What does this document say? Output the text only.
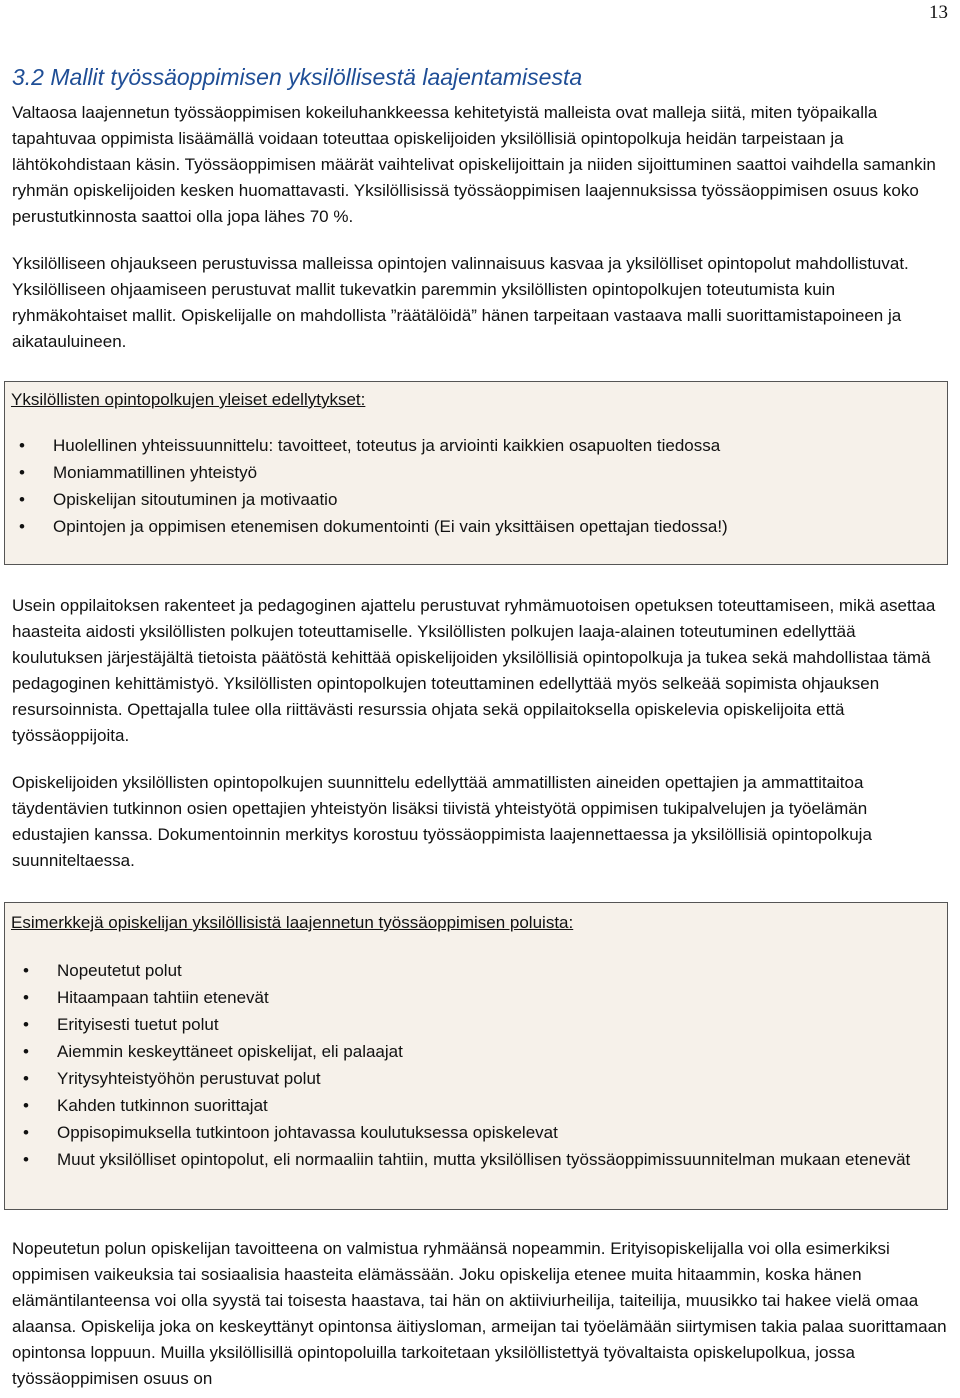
13
3.2 Mallit työssäoppimisen yksilöllisestä laajentamisesta

Valtaosa laajennetun työssäoppimisen kokeiluhankkeessa kehitetyistä malleista ovat malleja siitä, miten työpaikalla tapahtuvaa oppimista lisäämällä voidaan toteuttaa opiskelijoiden yksilöllisiä opintopolkuja heidän tarpeistaan ja lähtökohdistaan käsin. Työssäoppimisen määrät vaihtelivat opiskelijoittain ja niiden sijoittuminen saattoi vaihdella samankin ryhmän opiskelijoiden kesken huomattavasti. Yksilöllisissä työssäoppimisen laajennuksissa työssäoppimisen osuus koko perustutkinnosta saattoi olla jopa lähes 70 %.

Yksilölliseen ohjaukseen perustuvissa malleissa opintojen valinnaisuus kasvaa ja yksilölliset opintopolut mahdollistuvat. Yksilölliseen ohjaamiseen perustuvat mallit tukevatkin paremmin yksilöllisten opintopolkujen toteutumista kuin ryhmäkohtaiset mallit. Opiskelijalle on mahdollista ”räätälöidä” hänen tarpeitaan vastaava malli suorittamistapoineen ja aikatauluineen.

Yksilöllisten opintopolkujen yleiset edellytykset:
• Huolellinen yhteissuunnittelu: tavoitteet, toteutus ja arviointi kaikkien osapuolten tiedossa
• Moniammatillinen yhteistyö
• Opiskelijan sitoutuminen ja motivaatio
• Opintojen ja oppimisen etenemisen dokumentointi (Ei vain yksittäisen opettajan tiedossa!)

Usein oppilaitoksen rakenteet ja pedagoginen ajattelu perustuvat ryhmämuotoisen opetuksen toteuttamiseen, mikä asettaa haasteita aidosti yksilöllisten polkujen toteuttamiselle. Yksilöllisten polkujen laaja-alainen toteutuminen edellyttää koulutuksen järjestäjältä tietoista päätöstä kehittää opiskelijoiden yksilöllisiä opintopolkuja ja tukea sekä mahdollistaa tämä pedagoginen kehittämistyö. Yksilöllisten opintopolkujen toteuttaminen edellyttää myös selkeää sopimista ohjauksen resursoinnista. Opettajalla tulee olla riittävästi resurssia ohjata sekä oppilaitoksella opiskelevia opiskelijoita että työssäoppijoita.

Opiskelijoiden yksilöllisten opintopolkujen suunnittelu edellyttää ammatillisten aineiden opettajien ja ammattitaitoa täydentävien tutkinnon osien opettajien yhteistyön lisäksi tiivistä yhteistyötä oppimisen tukipalvelujen ja työelämän edustajien kanssa. Dokumentoinnin merkitys korostuu työssäoppimista laajennettaessa ja yksilöllisiä opintopolkuja suunniteltaessa.

Esimerkkejä opiskelijan yksilöllisistä laajennetun työssäoppimisen poluista:
• Nopeutetut polut
• Hitaampaan tahtiin etenevät
• Erityisesti tuetut polut
• Aiemmin keskeyttäneet opiskelijat, eli palaajat
• Yritysyhteistyöhön perustuvat polut
• Kahden tutkinnon suorittajat
• Oppisopimuksella tutkintoon johtavassa koulutuksessa opiskelevat
• Muut yksilölliset opintopolut, eli normaaliin tahtiin, mutta yksilöllisen työssäoppimissuunnitelman mukaan etenevät

Nopeutetun polun opiskelijan tavoitteena on valmistua ryhmäänsä nopeammin. Erityisopiskelijalla voi olla esimerkiksi oppimisen vaikeuksia tai sosiaalisia haasteita elämässään. Joku opiskelija etenee muita hitaammin, koska hänen elämäntilanteensa voi olla syystä tai toisesta haastava, tai hän on aktiiviurheilija, taiteilija, muusikko tai hakee vielä omaa alaansa. Opiskelija joka on keskeyttänyt opintonsa äitiysloman, armeijan tai työelämään siirtymisen takia palaa suorittamaan opintonsa loppuun. Muilla yksilöllisillä opintopoluilla tarkoitetaan yksilöllistettyä työvaltaista opiskelupolkua, jossa työssäoppimisen osuus on
